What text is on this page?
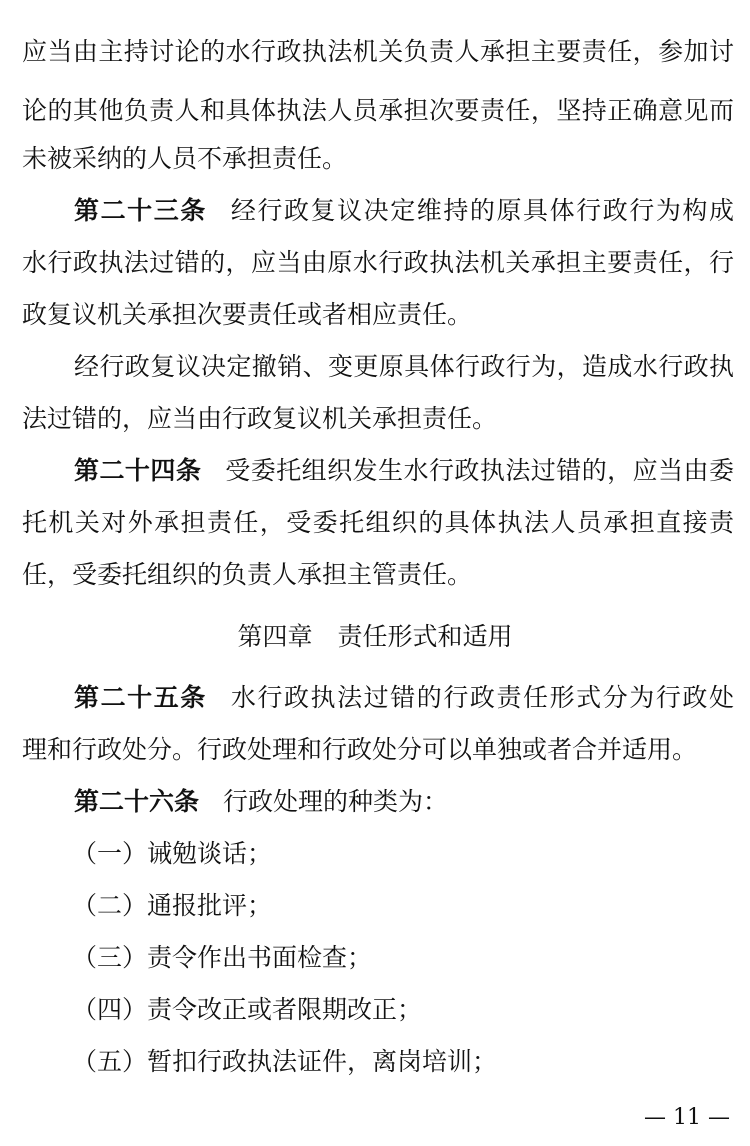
应当由主持讨论的水行政执法机关负责人承担主要责任，参加讨
论的其他负责人和具体执法人员承担次要责任，坚持正确意见而
未被采纳的人员不承担责任。
第二十三条 经行政复议决定维持的原具体行政行为构成
水行政执法过错的，应当由原水行政执法机关承担主要责任，行
政复议机关承担次要责任或者相应责任。
经行政复议决定撤销、变更原具体行政行为，造成水行政执
法过错的，应当由行政复议机关承担责任。
第二十四条 受委托组织发生水行政执法过错的，应当由委
托机关对外承担责任，受委托组织的具体执法人员承担直接责
任，受委托组织的负责人承担主管责任。
第四章　责任形式和适用
第二十五条 水行政执法过错的行政责任形式分为行政处
理和行政处分。行政处理和行政处分可以单独或者合并适用。
第二十六条 行政处理的种类为：
（一）诫勉谈话；
（二）通报批评；
（三）责令作出书面检查；
（四）责令改正或者限期改正；
（五）暂扣行政执法证件，离岗培训；
— 11 —
